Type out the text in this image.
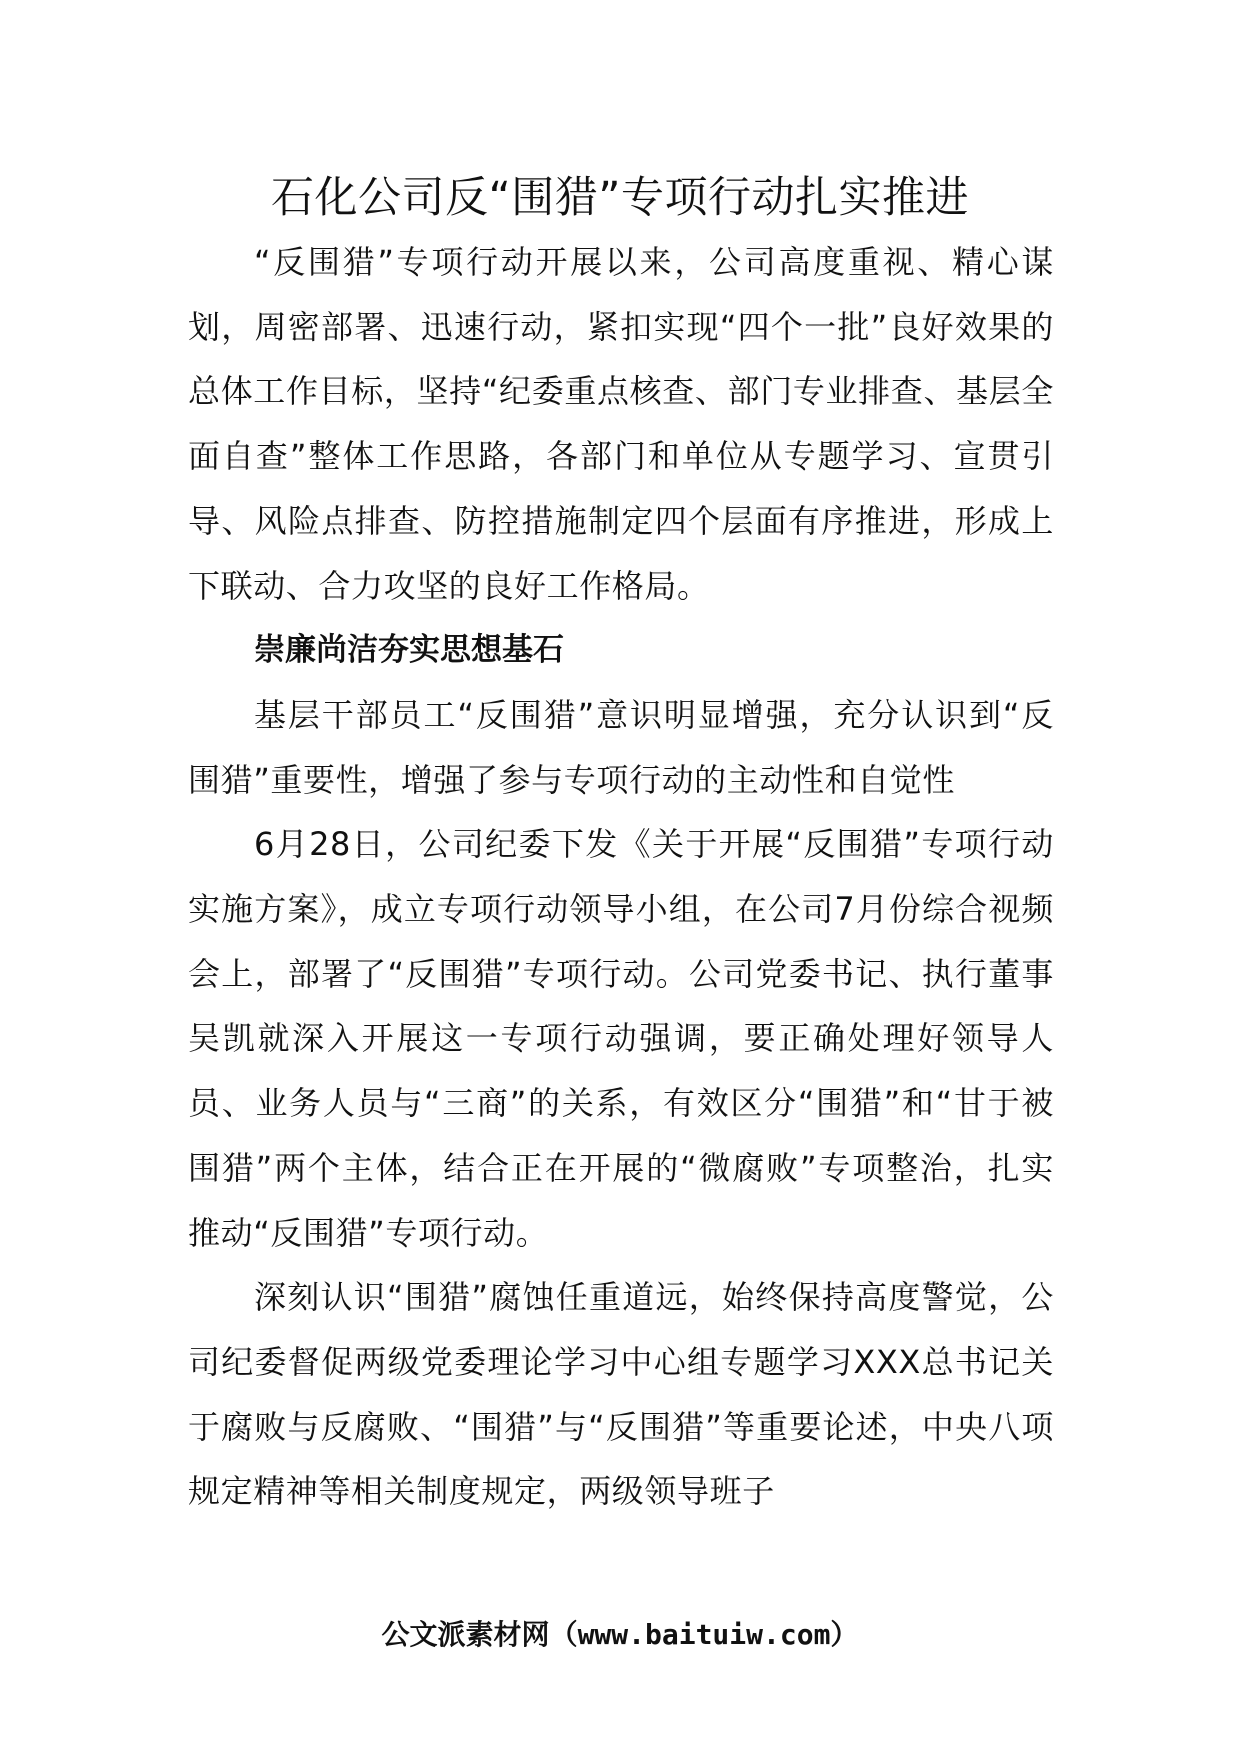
石化公司反“围猎”专项行动扎实推进

“反围猎”专项行动开展以来，公司高度重视、精心谋划，周密部署、迅速行动，紧扣实现“四个一批”良好效果的总体工作目标，坚持“纪委重点核查、部门专业排查、基层全面自查”整体工作思路，各部门和单位从专题学习、宣贯引导、风险点排查、防控措施制定四个层面有序推进，形成上下联动、合力攻坚的良好工作格局。

崇廉尚洁夯实思想基石

基层干部员工“反围猎”意识明显增强，充分认识到“反围猎”重要性，增强了参与专项行动的主动性和自觉性

6月28日，公司纪委下发《关于开展“反围猎”专项行动实施方案》，成立专项行动领导小组，在公司7月份综合视频会上，部署了“反围猎”专项行动。公司党委书记、执行董事吴凯就深入开展这一专项行动强调，要正确处理好领导人员、业务人员与“三商”的关系，有效区分“围猎”和“甘于被围猎”两个主体，结合正在开展的“微腐败”专项整治，扎实推动“反围猎”专项行动。

深刻认识“围猎”腐蚀任重道远，始终保持高度警觉，公司纪委督促两级党委理论学习中心组专题学习XXX总书记关于腐败与反腐败、“围猎”与“反围猎”等重要论述，中央八项规定精神等相关制度规定，两级领导班子

公文派素材网（www.baituiw.com）
